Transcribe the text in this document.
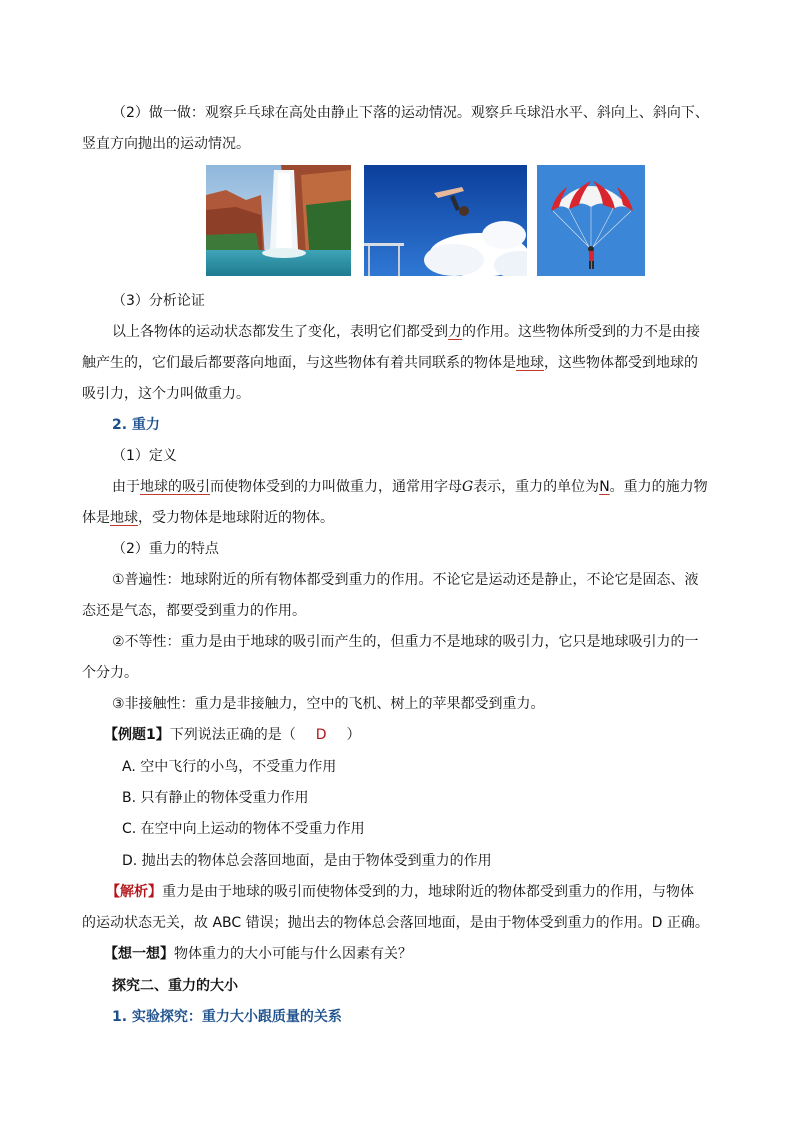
（2）做一做：观察乒乓球在高处由静止下落的运动情况。观察乒乓球沿水平、斜向上、斜向下、
竖直方向抛出的运动情况。
（3）分析论证
以上各物体的运动状态都发生了变化，表明它们都受到力的作用。这些物体所受到的力不是由接
触产生的，它们最后都要落向地面，与这些物体有着共同联系的物体是地球，这些物体都受到地球的
吸引力，这个力叫做重力。
2. 重力
（1）定义
由于地球的吸引而使物体受到的力叫做重力，通常用字母G表示，重力的单位为N。重力的施力物
体是地球，受力物体是地球附近的物体。
（2）重力的特点
①普遍性：地球附近的所有物体都受到重力的作用。不论它是运动还是静止，不论它是固态、液
态还是气态，都要受到重力的作用。
②不等性：重力是由于地球的吸引而产生的，但重力不是地球的吸引力，它只是地球吸引力的一
个分力。
③非接触性：重力是非接触力，空中的飞机、树上的苹果都受到重力。
【例题1】下列说法正确的是（ D ）
A. 空中飞行的小鸟，不受重力作用
B. 只有静止的物体受重力作用
C. 在空中向上运动的物体不受重力作用
D. 抛出去的物体总会落回地面，是由于物体受到重力的作用
【解析】重力是由于地球的吸引而使物体受到的力，地球附近的物体都受到重力的作用，与物体
的运动状态无关，故 ABC 错误；抛出去的物体总会落回地面，是由于物体受到重力的作用。D 正确。
【想一想】物体重力的大小可能与什么因素有关？
探究二、重力的大小
1. 实验探究：重力大小跟质量的关系
